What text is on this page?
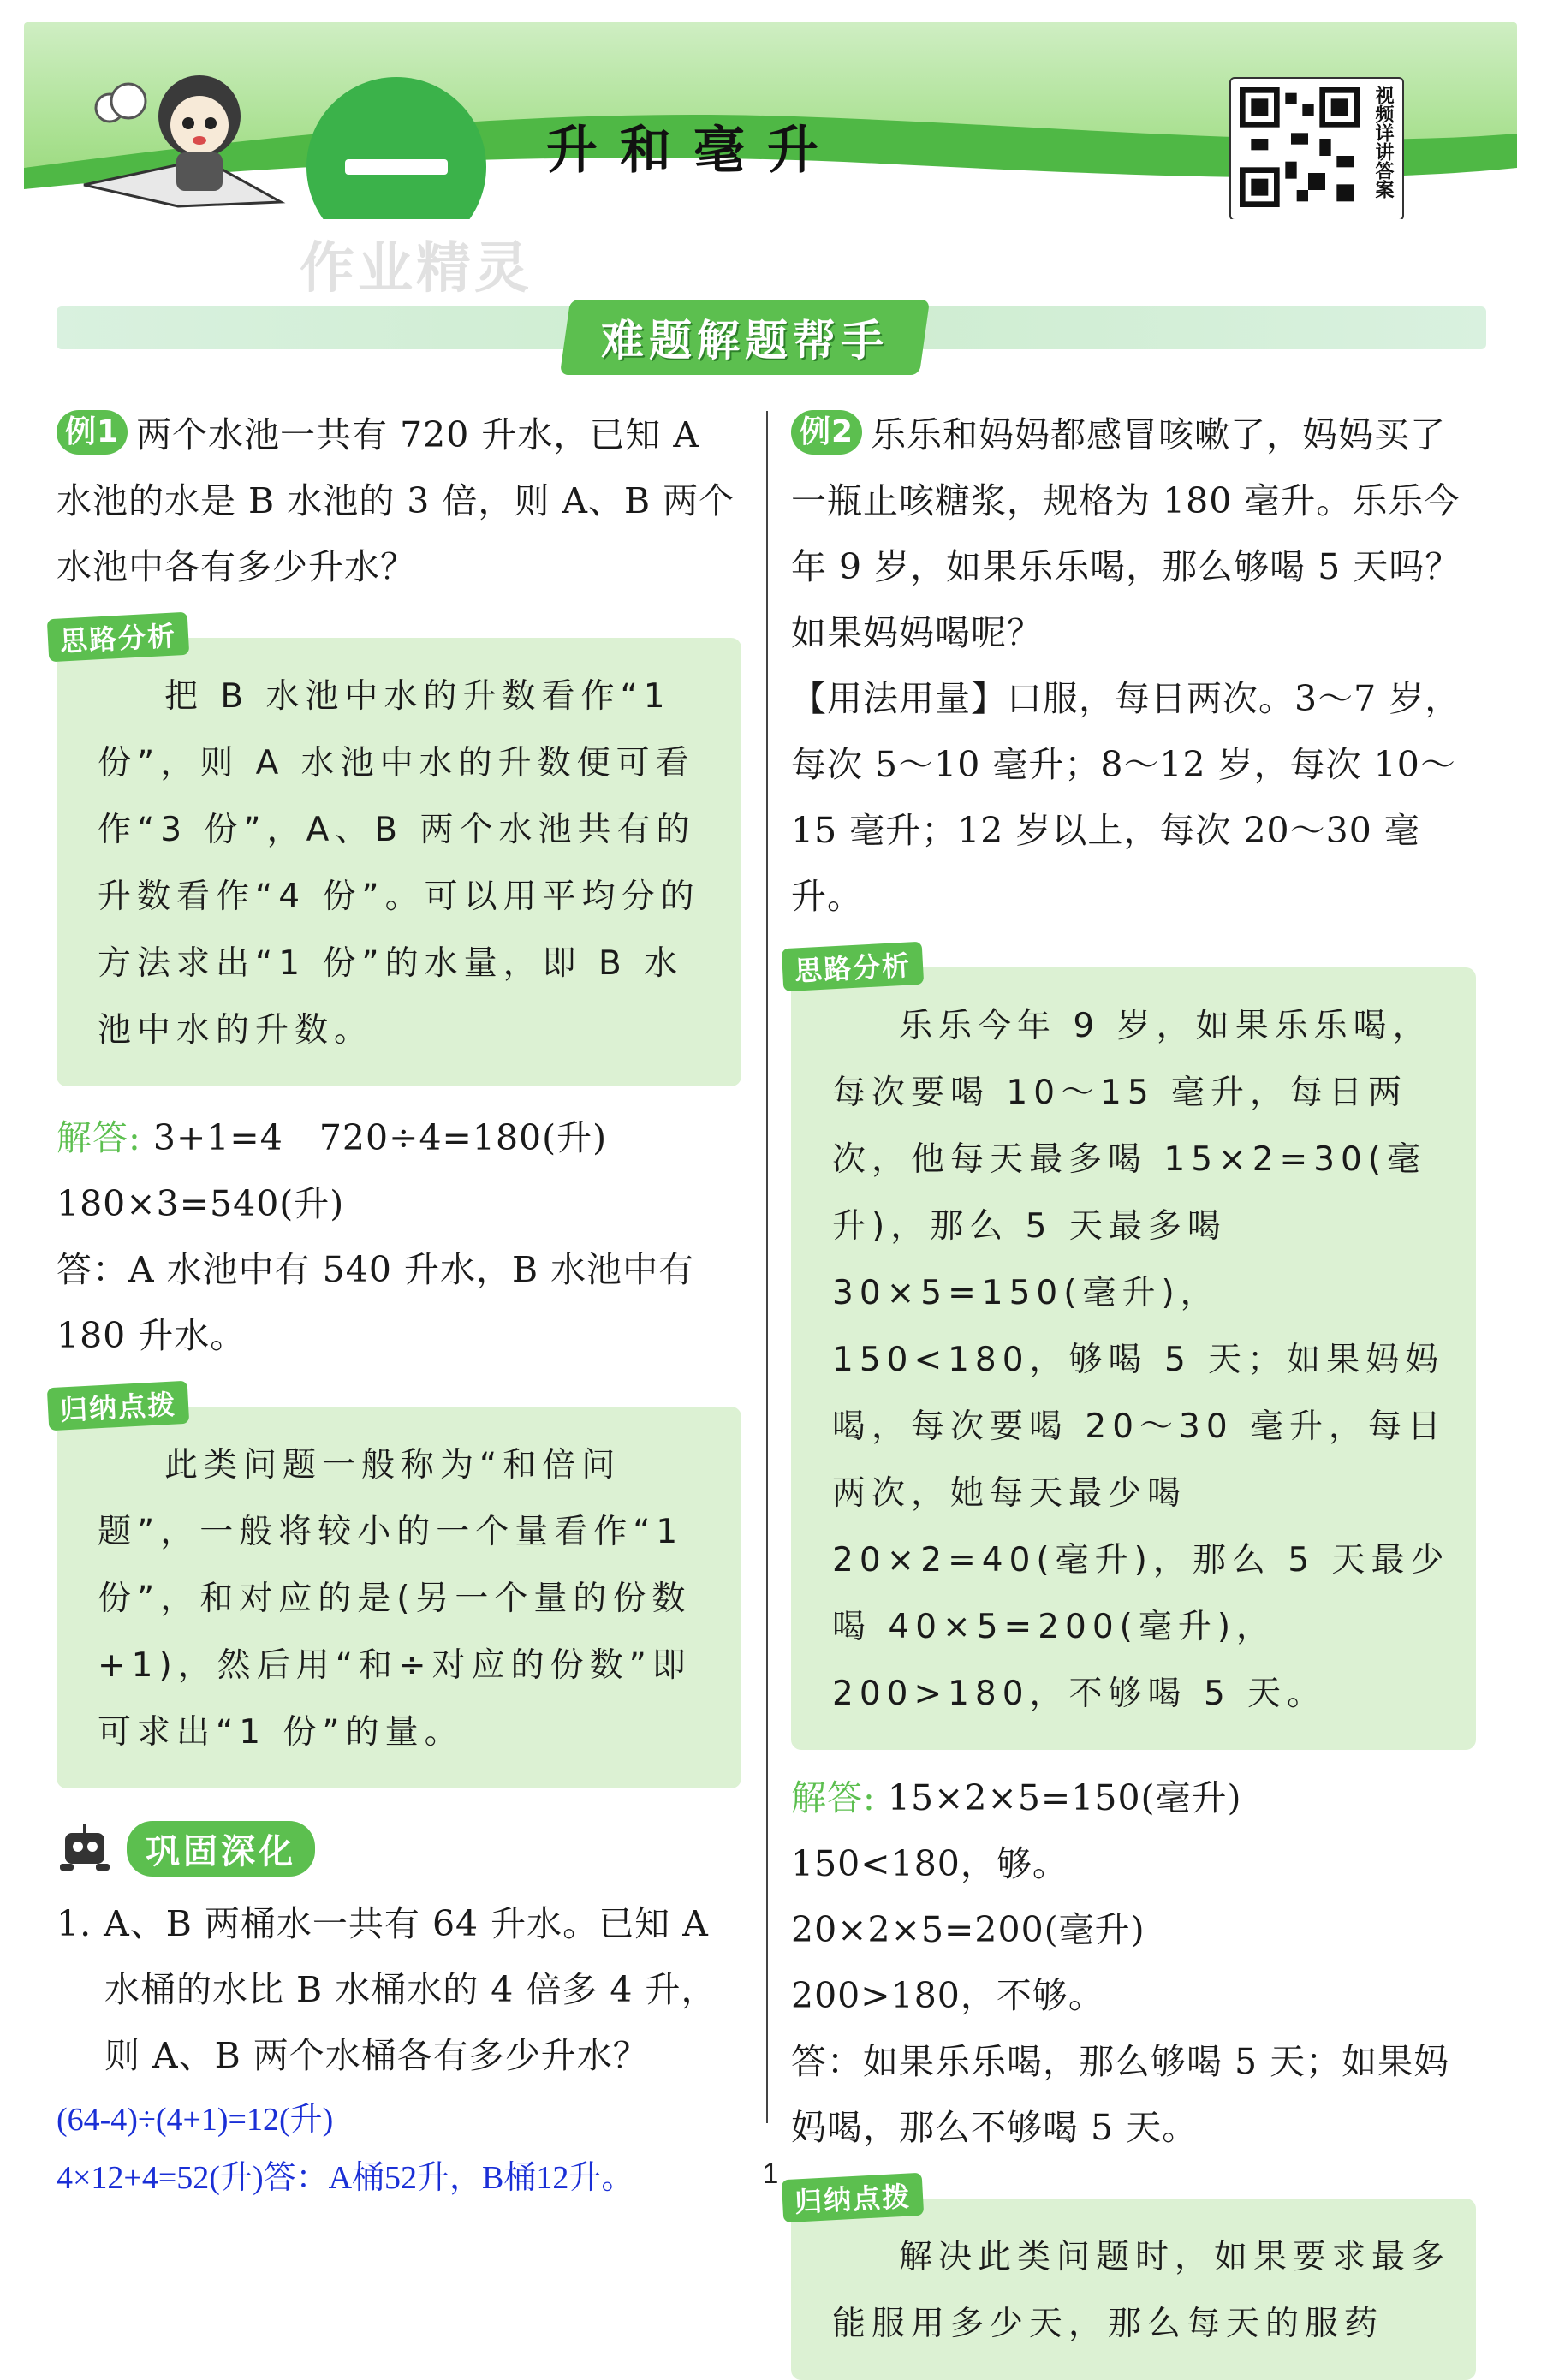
升和毫升	视频详讲答案
作业精灵
难题解题帮手

例1 两个水池一共有 720 升水，已知 A 水池的水是 B 水池的 3 倍，则 A、B 两个水池中各有多少升水？

思路分析

把 B 水池中水的升数看作“1 份”，则 A 水池中水的升数便可看作“3 份”，A、B 两个水池共有的升数看作“4 份”。可以用平均分的方法求出“1 份”的水量，即 B 水池中水的升数。

解答: 3+1=4　720÷4=180(升)

180×3=540(升)

答：A 水池中有 540 升水，B 水池中有 180 升水。

归纳点拨

此类问题一般称为“和倍问题”，一般将较小的一个量看作“1 份”，和对应的是(另一个量的份数+1)，然后用“和÷对应的份数”即可求出“1 份”的量。

巩固深化

1. A、B 两桶水一共有 64 升水。已知 A 水桶的水比 B 水桶水的 4 倍多 4 升，则 A、B 两个水桶各有多少升水？

(64-4)÷(4+1)=12(升)

4×12+4=52(升)答：A桶52升，B桶12升。

例2 乐乐和妈妈都感冒咳嗽了，妈妈买了一瓶止咳糖浆，规格为 180 毫升。乐乐今年 9 岁，如果乐乐喝，那么够喝 5 天吗？如果妈妈喝呢？

【用法用量】口服，每日两次。3～7 岁，每次 5～10 毫升；8～12 岁，每次 10～15 毫升；12 岁以上，每次 20～30 毫升。

思路分析

乐乐今年 9 岁，如果乐乐喝，每次要喝 10～15 毫升，每日两次，他每天最多喝 15×2=30(毫升)，那么 5 天最多喝 30×5=150(毫升)，150<180，够喝 5 天；如果妈妈喝，每次要喝 20～30 毫升，每日两次，她每天最少喝 20×2=40(毫升)，那么 5 天最少喝 40×5=200(毫升)，200>180，不够喝 5 天。

解答: 15×2×5=150(毫升)

150<180，够。

20×2×5=200(毫升)

200>180，不够。

答：如果乐乐喝，那么够喝 5 天；如果妈妈喝，那么不够喝 5 天。

归纳点拨

解决此类问题时，如果要求最多能服用多少天，那么每天的服药

1
